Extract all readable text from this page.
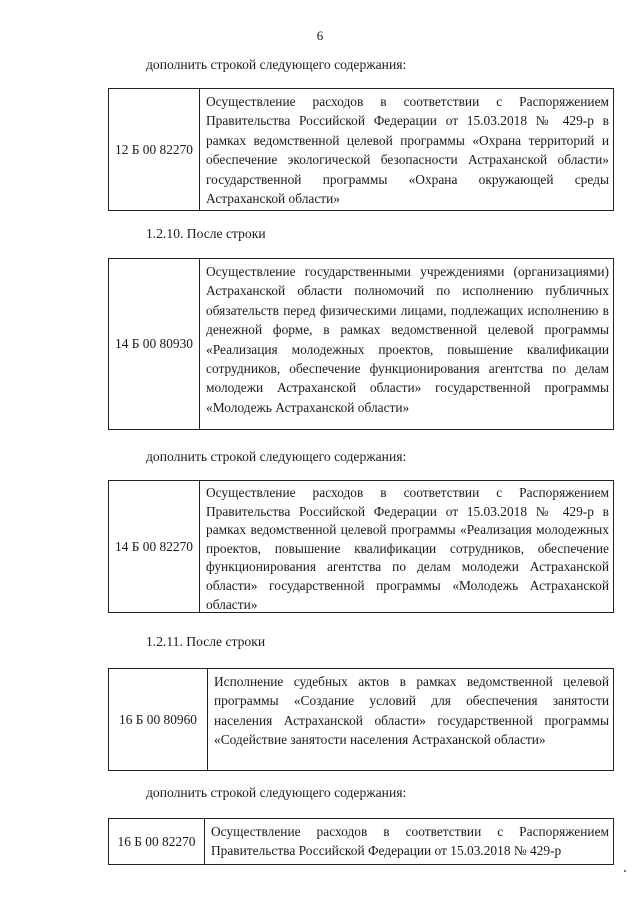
6
дополнить строкой следующего содержания:
12 Б 00 82270
Осуществление расходов в соответствии с Распоряжением Правительства Российской Федерации от 15.03.2018 № 429-р в рамках ведомственной целевой программы «Охрана территорий и обеспечение экологической безопасности Астраханской области» государственной программы «Охрана окружающей среды Астраханской области»
1.2.10. После строки
14 Б 00 80930
Осуществление государственными учреждениями (организациями) Астраханской области полномочий по исполнению публичных обязательств перед физическими лицами, подлежащих исполнению в денежной форме, в рамках ведомственной целевой программы «Реализация молодежных проектов, повышение квалификации сотрудников, обеспечение функционирования агентства по делам молодежи Астраханской области» государственной программы «Молодежь Астраханской области»
дополнить строкой следующего содержания:
14 Б 00 82270
Осуществление расходов в соответствии с Распоряжением Правительства Российской Федерации от 15.03.2018 № 429-р в рамках ведомственной целевой программы «Реализация молодежных проектов, повышение квалификации сотрудников, обеспечение функционирования агентства по делам молодежи Астраханской области» государственной программы «Молодежь Астраханской области»
1.2.11. После строки
16 Б 00 80960
Исполнение судебных актов в рамках ведомственной целевой программы «Создание условий для обеспечения занятости населения Астраханской области» государственной программы «Содействие занятости населения Астраханской области»
дополнить строкой следующего содержания:
16 Б 00 82270
Осуществление расходов в соответствии с Распоряжением Правительства Российской Федерации от 15.03.2018 № 429-р
